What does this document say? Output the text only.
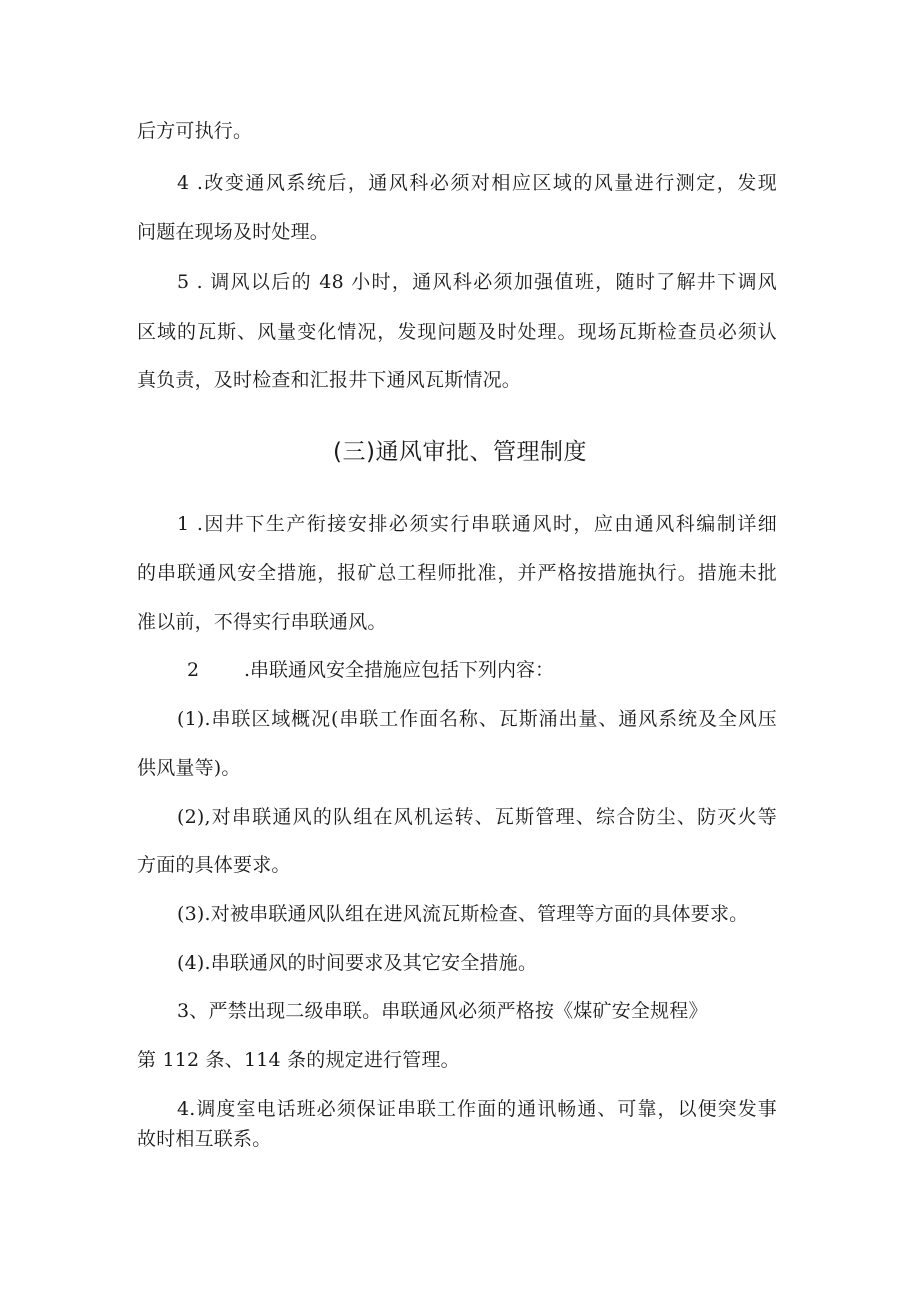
后方可执行。
4 .改变通风系统后，通风科必须对相应区域的风量进行测定，发现
问题在现场及时处理。
5 . 调风以后的 48 小时，通风科必须加强值班，随时了解井下调风
区域的瓦斯、风量变化情况，发现问题及时处理。现场瓦斯检查员必须认
真负责，及时检查和汇报井下通风瓦斯情况。
(三)通风审批、管理制度
1 .因井下生产衔接安排必须实行串联通风时，应由通风科编制详细
的串联通风安全措施，报矿总工程师批准，并严格按措施执行。措施未批
准以前，不得实行串联通风。
2 .串联通风安全措施应包括下列内容：
(1).串联区域概况(串联工作面名称、瓦斯涌出量、通风系统及全风压
供风量等)。
(2),对串联通风的队组在风机运转、瓦斯管理、综合防尘、防灭火等
方面的具体要求。
(3).对被串联通风队组在进风流瓦斯检查、管理等方面的具体要求。
(4).串联通风的时间要求及其它安全措施。
3、严禁出现二级串联。串联通风必须严格按《煤矿安全规程》
第 112 条、114 条的规定进行管理。
4.调度室电话班必须保证串联工作面的通讯畅通、可靠，以便突发事
故时相互联系。
